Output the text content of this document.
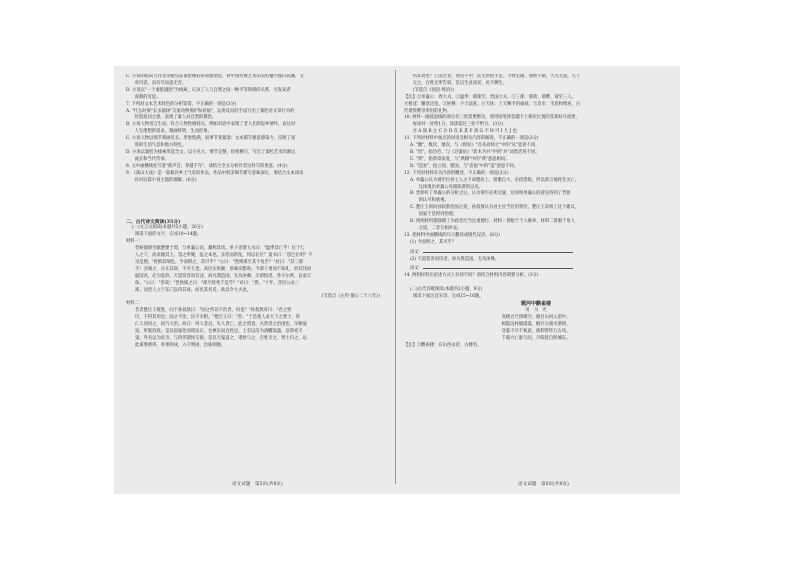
C. 小说的结局写作者亲眼见证秦腔精彩的表演情景，将中国传统艺术的美好魅力推向高潮，文

　　章内容，而有尽而意无穷。

D. 小说以"一个秦腔剧团"为线索，记录了人与自然之间一种平等和谐的关系，引发读者

　　深刻的反思。

7. 下列对文本艺术特色的分析鉴赏，不正确的一项是(3分)

A. "什么时候"长多剧场"交流动物保护和祈福"，运用反问的手法写出了秦腔对文章行为的

　　价值追问之感，表现了秦人对自然的敬畏。

B. 小说人物语言生动，符合人物性格特点。例如对话中表现了老人们的思乡情怀，表达对

　　人生理想的追求，刻画鲜明，生动形象。

C. 小说人物以细节刻画见长，形象饱满，叙事节奏紧凑；文本描写极富感染力，反映了深

　　厚的生活气息和地方特色。

D. 小说以秦腔为线索串起全文，以小见大，情节完整，结构精巧，写出了秦腔艺术的源远

　　流长和当代传承。

8. 文中画横线处写道"那声音，穿越千年"，请结合全文分析作者这样写的用意。(4分)

9. 《蒿山大戏》是一篇极具乡土气息的作品，作品中很多细节描写意味深长，请结合文本谈谈

　　你对这篇小说主题的理解。(6分)

二、古代诗文阅读(35分)

(一)文言文阅读(本题共5小题，20分)

阅读下面的文字，完成10~14题。

材料一：

晋候使郤至献楚捷于周，与单襄公语，骤称其伐。单子语诸大夫曰："温季其亡乎！位于七

人之下，而求掩其上。怨之所聚，乱之本也。多怨而阶乱，何以在位？夏书曰：'怨岂在明？不

见是图。'将慎其细也。今而明之，其可乎？"公曰："然则郤至其不免乎？"对曰："其三郤

乎！吾闻之，兵在其颈，不可久也。高位实疾颠，厚味实腊毒。今郤子勇而不知礼，矜其伐而

耻国君，必为乱阶。天道赏善而罚淫，故凡我造国，无从匪彝，无即慆淫，各守尔典，以承天

休。"公曰："善哉！"晋侯闻之曰："郤至将死于是乎？"对曰："然。"十年，晋厉公杀三

郤。而晋人立于东门以待其成，而伏其名焉，欲以令大夫也。

(节选自《左传·僖公二十八年》)

材料二：

昔者楚庄王既胜，问于孙叔敖曰："国之所以不治者，何也？"孙叔敖对曰："君之贤

臣，不得其用也；国之不治，民不亲附。"楚庄王曰："善。"于是使人求天下之贤士，得

仁人而用之，国乃大治。故曰：得人者昌，失人者亡，此之谓也。夫贤者之治国也，早朝晏

退，听狱治政，是以国家治而刑法正，仓廪实而百姓足，上有以洁为酒醴粢盛，以祭祀天

鬼；外有以为皮币，与四邻诸侯交接。是以天鬼富之，诸侯与之，百姓亲之，贤士归之，以

此谋事则得，举事则成，入守则固，出诛则强。

　　何其贤也？亡国之君，刑罚不中，民无所措手足。今周室微，诸侯不朝，大夫无道，天下

　　无主，百姓无所告诉，是以生灵涂炭，民不聊生。

　　(节选自《国语·周语》)

【注】①单襄公：周大夫。②温季：即郤至，晋国大夫。③三郤：郤锜、郤犨、郤至三人。

④慆淫：懈怠过度。⑤匪彝：不合法度。⑥天休：上天赐予的福禄。⑦皮币：毛皮和缯帛，古

代诸侯聘享所用的礼物。

10. 材料一画波浪线的部分有三处需要断句，请用铅笔将答题卡上相应位置的答案标号涂黑，

　　每涂对一处给1分，涂黑超过三处不给分。(3分)

　　吾 A 闻 B 之 C 兵 D 在 E 其 F 颈 G 不 H 可 I 久 J 也

11. 下列对材料中加点的词语及相关内容的解说，不正确的一项是(3分)

A. "骤"，数次、屡次，与《师说》"吾从而师之"中的"从"意思不同。

B. "伐"，指功劳，与《过秦论》"斩木为兵"中的"兵"词类活用不同。

C. "典"，指典章法度，与"典籍"中的"典"意思相同。

D. "造国"，指立国、建国，与"造福"中的"造"意思不同。

12. 下列对材料有关内容的概述，不正确的一项是(3分)

A. 单襄公认为郤至位居七人之下却想居上，骄傲自大，必招怨恨，所以预言他将会灭亡，

　　这体现出单襄公见微知著的远见。

B. 晋侯听了单襄公的分析之后，认为郤至必死无疑，这说明单襄公的意见得到了晋侯

　　的认可和重视。

C. 楚庄王询问孙叔敖治国之道，孙叔敖认为君主应当任用贤臣，楚庄王采纳了这个建议，

　　国家于是得到治理。

D. 两则材料都强调了为政者应当注重德行，材料一着眼于个人修养，材料二着眼于用人

　　之道，二者互相补充。

13. 把材料中画横线的句子翻译成现代汉语。(8分)

(1) 今而明之，其可乎？

译文：

(2) 天道赏善而罚淫，故凡我造国，无从匪彝。

译文：

14. 两则材料在论述方式上有何不同？请结合材料内容简要分析。(3分)

(二)古代诗歌阅读(本题共2小题，9分)

阅读下面这首宋诗，完成15~16题。

题河中鹳雀楼

司　马　光

高楼百尺倚晴空，极目山河入望中。

树隐远村烟漠漠，帆开古渡水溶溶。

登临不尽千秋意，俯仰常怀万古风。

千载兴亡谁与问，夕阳犹自照城东。

【注】①鹳雀楼：在山西永济，古楼名。

语文试题　第5页(共8页)	语文试题　第6页(共8页)
